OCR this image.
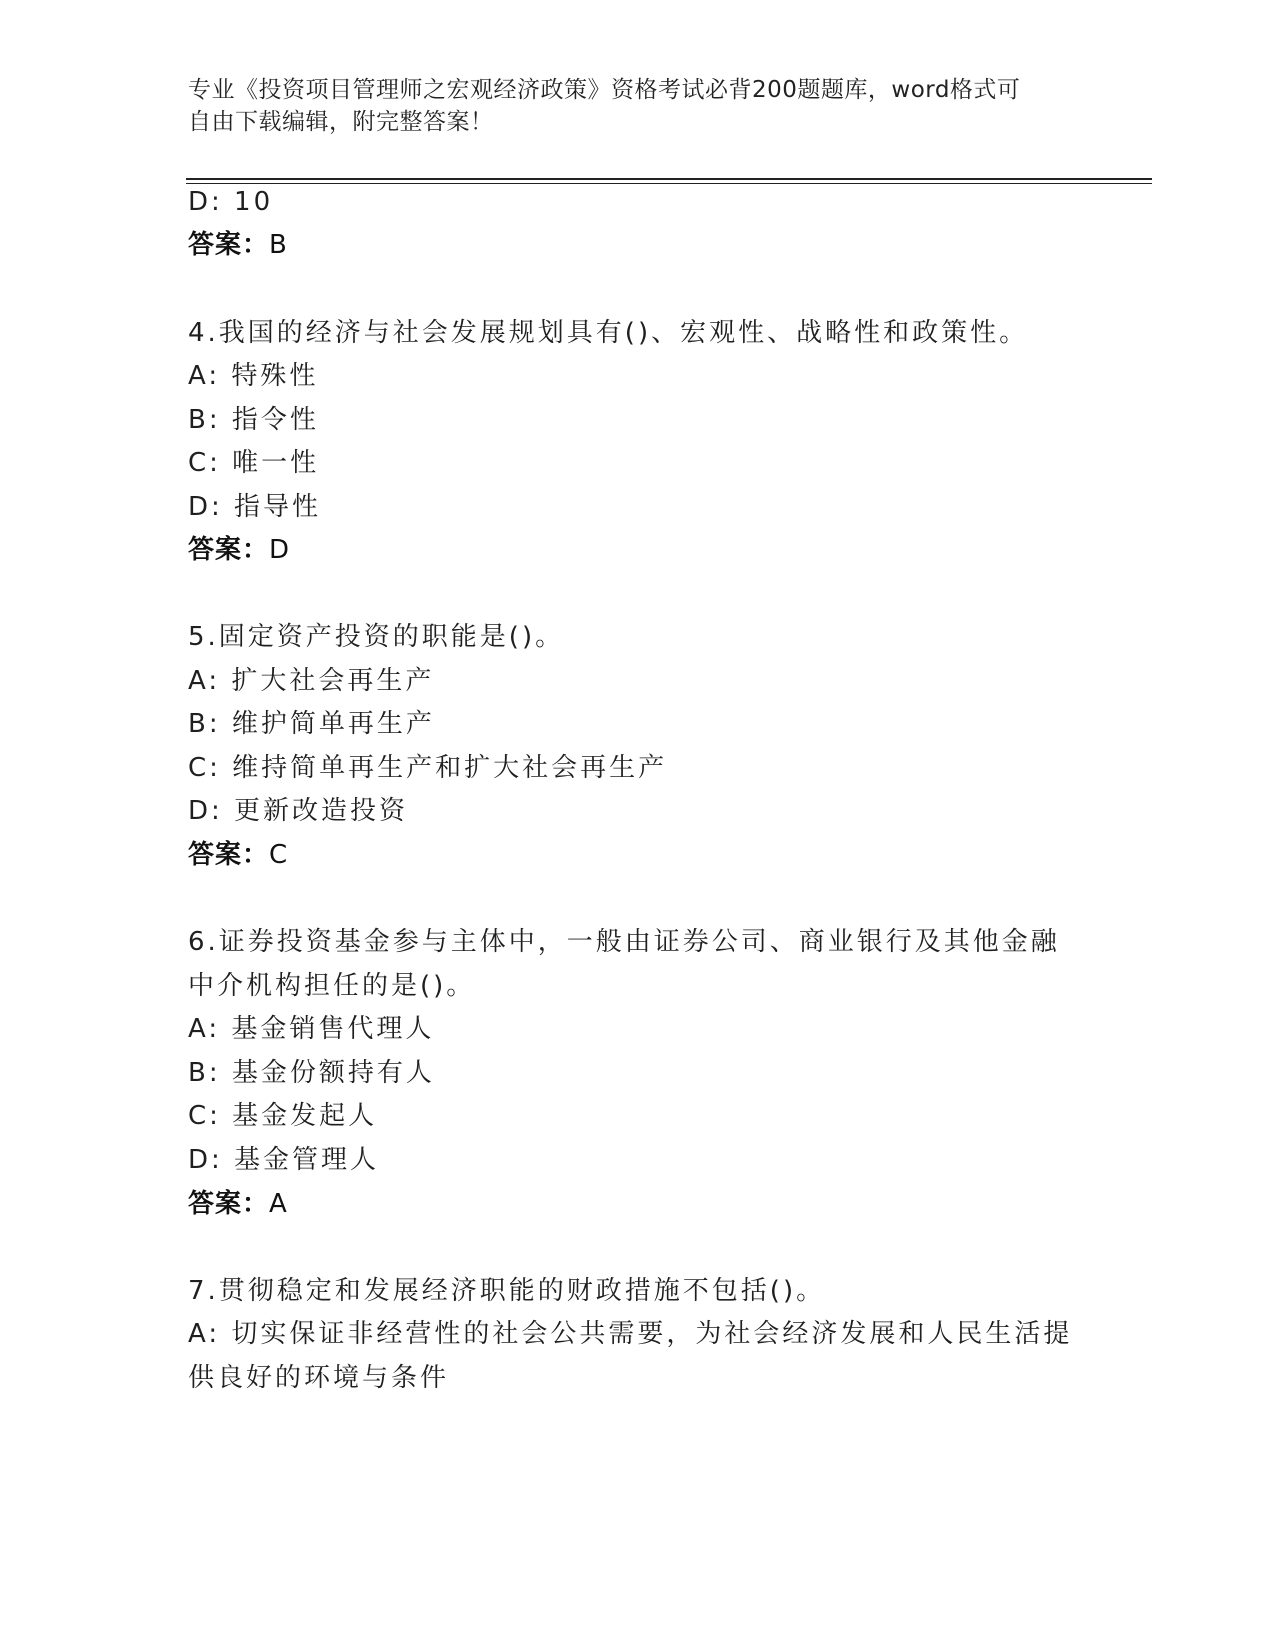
专业《投资项目管理师之宏观经济政策》资格考试必背200题题库，word格式可
自由下载编辑，附完整答案！
D: 10
答案：B
4.我国的经济与社会发展规划具有()、宏观性、战略性和政策性。
A: 特殊性
B: 指令性
C: 唯一性
D: 指导性
答案：D
5.固定资产投资的职能是()。
A: 扩大社会再生产
B: 维护简单再生产
C: 维持简单再生产和扩大社会再生产
D: 更新改造投资
答案：C
6.证券投资基金参与主体中，一般由证券公司、商业银行及其他金融
中介机构担任的是()。
A: 基金销售代理人
B: 基金份额持有人
C: 基金发起人
D: 基金管理人
答案：A
7.贯彻稳定和发展经济职能的财政措施不包括()。
A: 切实保证非经营性的社会公共需要，为社会经济发展和人民生活提
供良好的环境与条件
